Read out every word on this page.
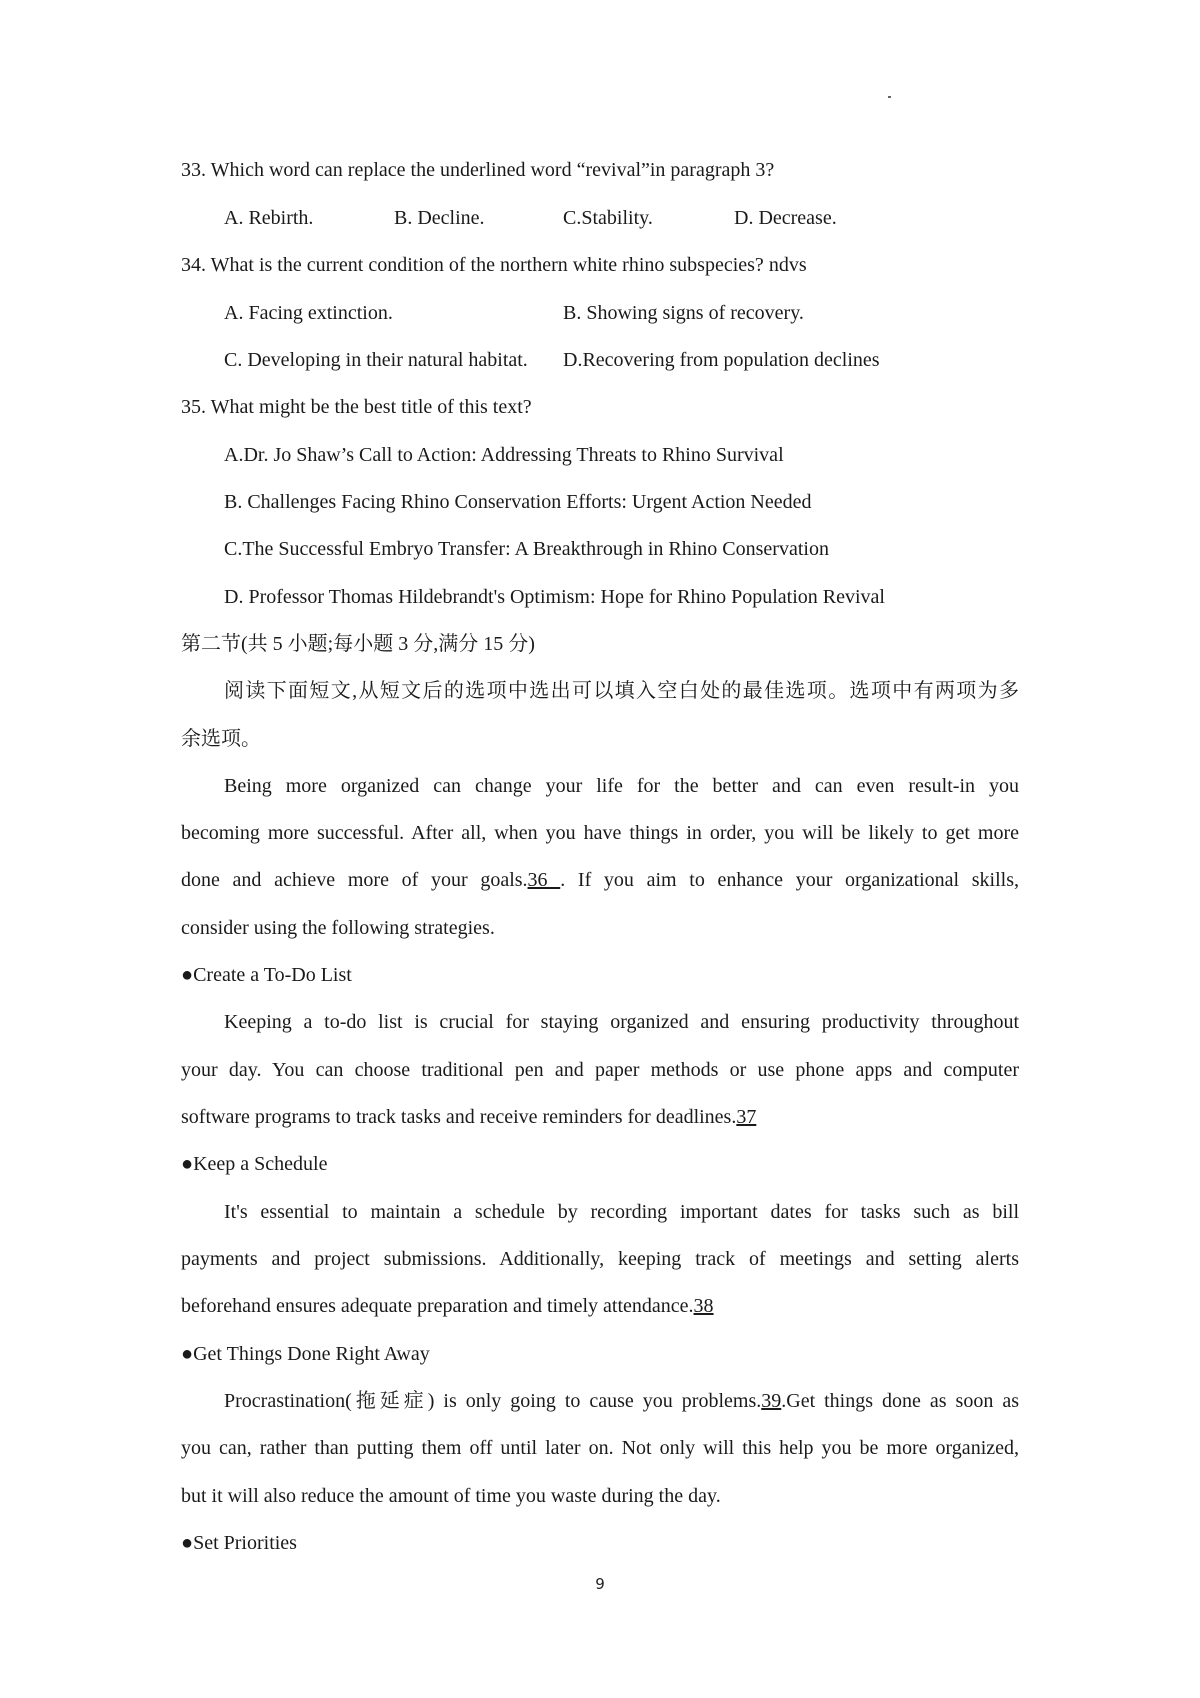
33. Which word can replace the underlined word “revival”in paragraph 3?
A. Rebirth.	B. Decline.	C.Stability.	D. Decrease.
34. What is the current condition of the northern white rhino subspecies? ndvs
A. Facing extinction.	B. Showing signs of recovery.
C. Developing in their natural habitat. D.Recovering from population declines
35. What might be the best title of this text?
A.Dr. Jo Shaw’s Call to Action: Addressing Threats to Rhino Survival
B. Challenges Facing Rhino Conservation Efforts: Urgent Action Needed
C.The Successful Embryo Transfer: A Breakthrough in Rhino Conservation
D. Professor Thomas Hildebrandt's Optimism: Hope for Rhino Population Revival
第二节(共 5 小题;每小题 3 分,满分 15 分)
阅读下面短文,从短文后的选项中选出可以填入空白处的最佳选项。选项中有两项为多
余选项。
Being more organized can change your life for the better and can even result-in you
becoming more successful. After all, when you have things in order, you will be likely to get more
done and achieve more of your goals.36 . If you aim to enhance your organizational skills,
consider using the following strategies.
●Create a To-Do List
Keeping a to-do list is crucial for staying organized and ensuring productivity throughout
your day. You can choose traditional pen and paper methods or use phone apps and computer
software programs to track tasks and receive reminders for deadlines.37
●Keep a Schedule
It's essential to maintain a schedule by recording important dates for tasks such as bill
payments and project submissions. Additionally, keeping track of meetings and setting alerts
beforehand ensures adequate preparation and timely attendance.38
●Get Things Done Right Away
Procrastination(拖延症) is only going to cause you problems.39.Get things done as soon as
you can, rather than putting them off until later on. Not only will this help you be more organized,
but it will also reduce the amount of time you waste during the day.
●Set Priorities
9
